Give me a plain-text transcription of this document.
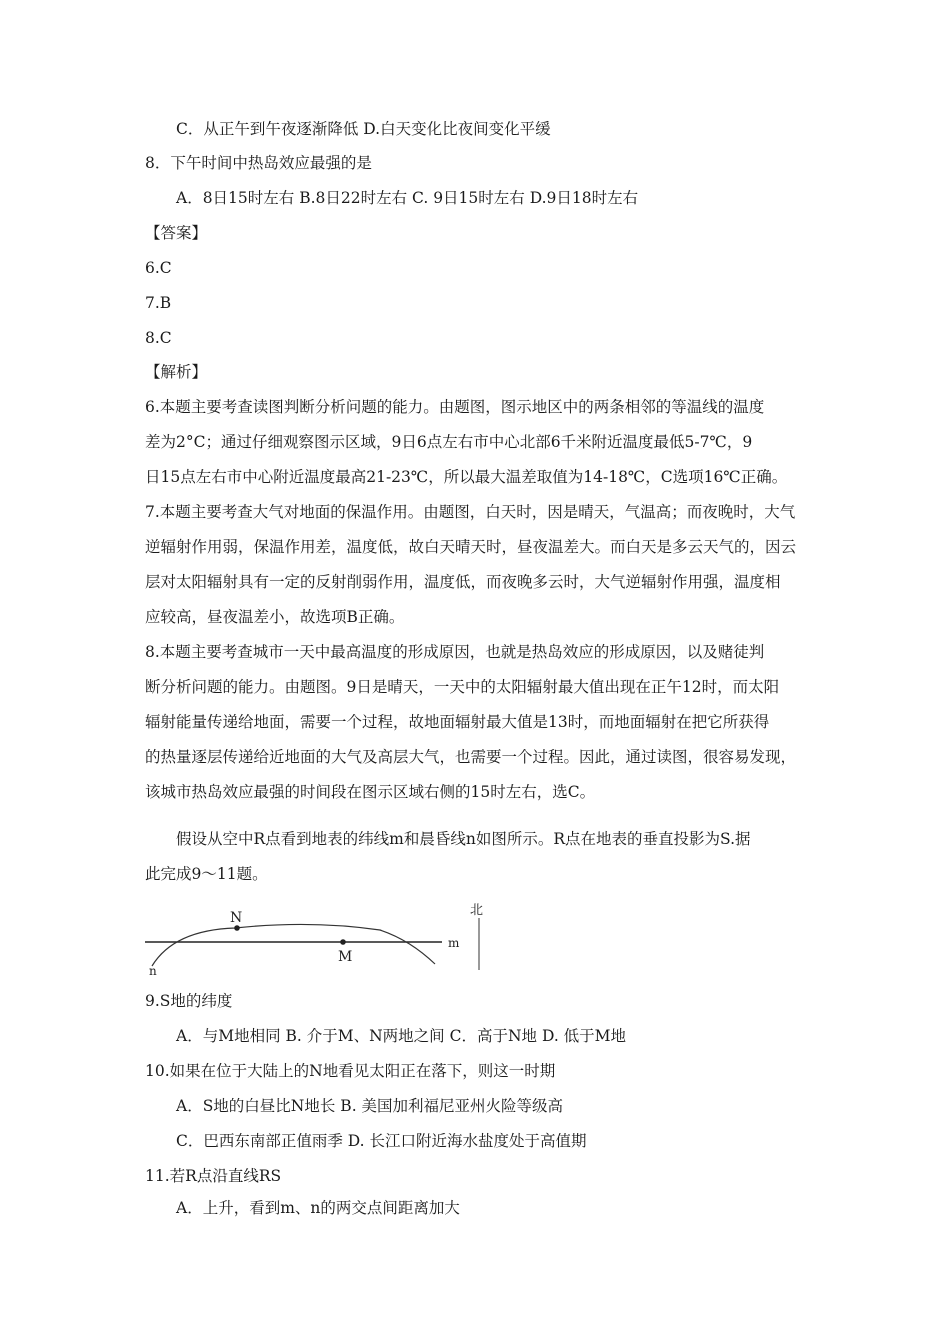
C．从正午到午夜逐渐降低 D.白天变化比夜间变化平缓
8．下午时间中热岛效应最强的是
A．8日15时左右 B.8日22时左右 C. 9日15时左右 D.9日18时左右
【答案】
6.C
7.B
8.C
【解析】
6.本题主要考查读图判断分析问题的能力。由题图，图示地区中的两条相邻的等温线的温度
差为2°C；通过仔细观察图示区域，9日6点左右市中心北部6千米附近温度最低5-7℃，9
日15点左右市中心附近温度最高21-23℃，所以最大温差取值为14-18℃，C选项16℃正确。
7.本题主要考查大气对地面的保温作用。由题图，白天时，因是晴天，气温高；而夜晚时，大气
逆辐射作用弱，保温作用差，温度低，故白天晴天时，昼夜温差大。而白天是多云天气的，因云
层对太阳辐射具有一定的反射削弱作用，温度低，而夜晚多云时，大气逆辐射作用强，温度相
应较高，昼夜温差小，故选项B正确。
8.本题主要考查城市一天中最高温度的形成原因，也就是热岛效应的形成原因，以及赌徒判
断分析问题的能力。由题图。9日是晴天，一天中的太阳辐射最大值出现在正午12时，而太阳
辐射能量传递给地面，需要一个过程，故地面辐射最大值是13时，而地面辐射在把它所获得
的热量逐层传递给近地面的大气及高层大气，也需要一个过程。因此，通过读图，很容易发现，
该城市热岛效应最强的时间段在图示区域右侧的15时左右，选C。
假设从空中R点看到地表的纬线m和晨昏线n如图所示。R点在地表的垂直投影为S.据
此完成9～11题。
N
M
m
n
北
9.S地的纬度
A．与M地相同 B. 介于M、N两地之间 C．高于N地 D. 低于M地
10.如果在位于大陆上的N地看见太阳正在落下，则这一时期
A．S地的白昼比N地长 B. 美国加利福尼亚州火险等级高
C．巴西东南部正值雨季 D. 长江口附近海水盐度处于高值期
11.若R点沿直线RS
A．上升，看到m、n的两交点间距离加大
